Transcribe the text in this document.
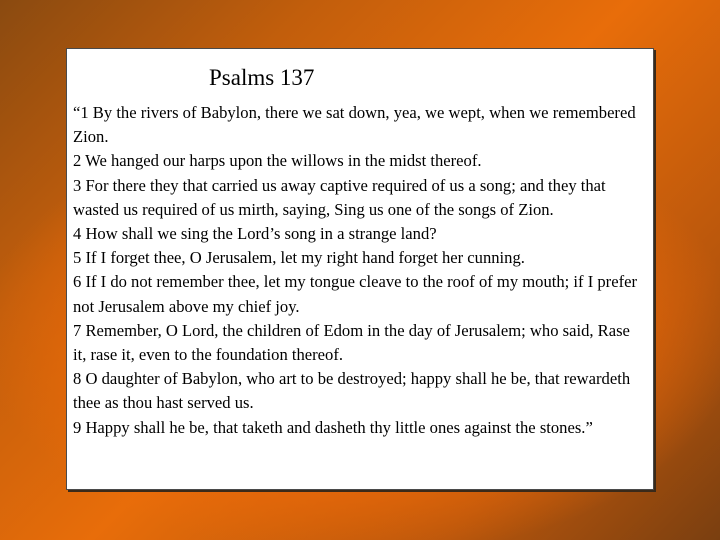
Psalms 137
“1 By the rivers of Babylon, there we sat down, yea, we wept, when we remembered Zion.
2 We hanged our harps upon the willows in the midst thereof.
3 For there they that carried us away captive required of us a song; and they that wasted us required of us mirth, saying, Sing us one of the songs of Zion.
4 How shall we sing the Lord’s song in a strange land?
5 If I forget thee, O Jerusalem, let my right hand forget her cunning.
6 If I do not remember thee, let my tongue cleave to the roof of my mouth; if I prefer not Jerusalem above my chief joy.
7 Remember, O Lord, the children of Edom in the day of Jerusalem; who said, Rase it, rase it, even to the foundation thereof.
8 O daughter of Babylon, who art to be destroyed; happy shall he be, that rewardeth thee as thou hast served us.
9 Happy shall he be, that taketh and dasheth thy little ones against the stones.”
